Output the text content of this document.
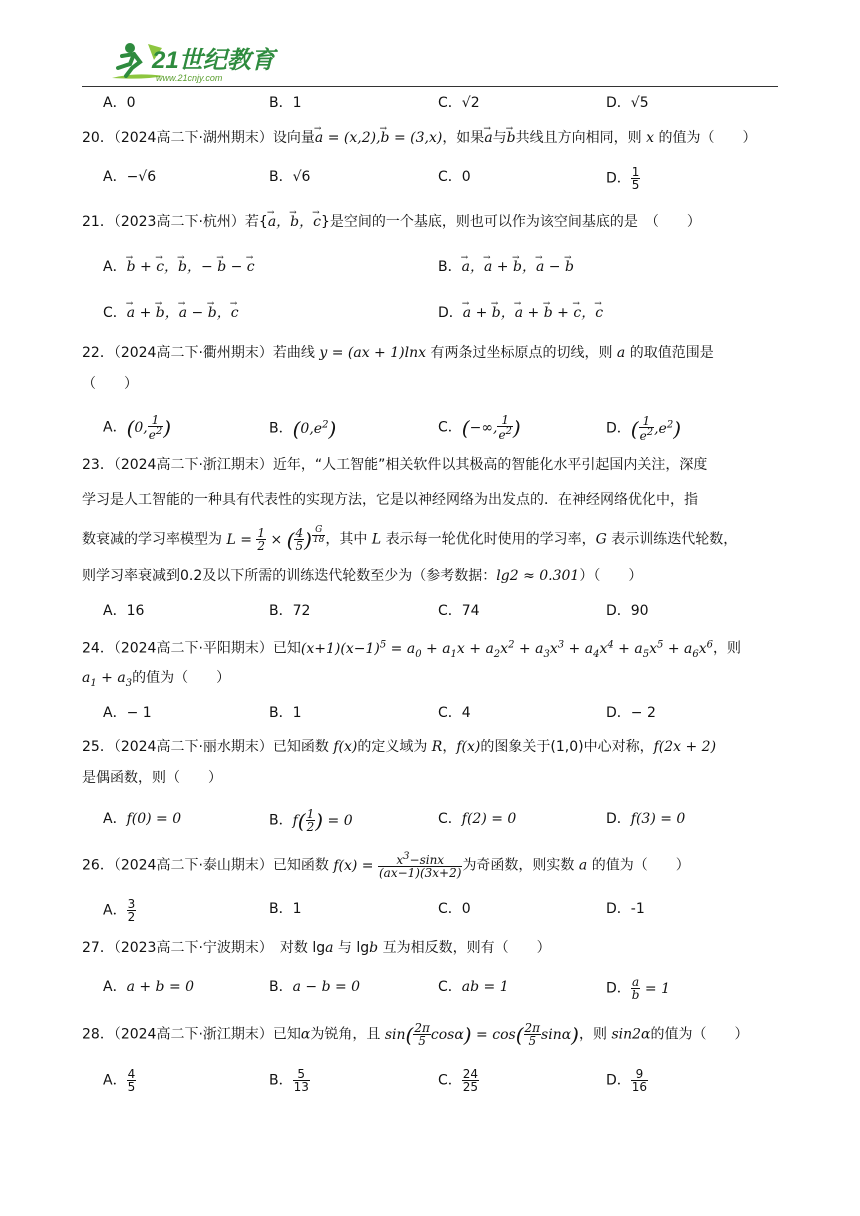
21世纪教育
www.21cnjy.com
A．0	B．1	C．√2	D．√5
20．（2024高二下·湖州期末）设向量a → = (x,2),b → = (3,x)，如果a →与b →共线且方向相同，则 x 的值为（　　）
A．−√6	B．√6	C．0	D． $\frac{1}{5}$
21．（2023高二下·杭州）若{a →，b →，c →}是空间的一个基底，则也可以作为该空间基底的是　（　　）
A．b → + c →，b →，− b → − c →	B．a →，a → + b →，a → − b →
C．a → + b →，a → − b →，c →	D．a → + b →，a → + b → + c →，c →
22．（2024高二下·衢州期末）若曲线 y = (ax + 1)lnx 有两条过坐标原点的切线，则 a 的取值范围是
（　　）
A．(0, $\frac{1}{e^2}$ )	B．$(0,e^2)$	C．(−∞, $\frac{1}{e^2}$ )	D．( $\frac{1}{e^2} ,e^2$)
23．（2024高二下·浙江期末）近年，“人工智能”相关软件以其极高的智能化水平引起国内关注，深度
学习是人工智能的一种具有代表性的实现方法，它是以神经网络为出发点的．在神经网络优化中，指
数衰减的学习率模型为 $L = \frac{1}{2}$ × ( $\frac{4}{5}$ ) $^{\frac{G}{18}}$ ，其中 L 表示每一轮优化时使用的学习率，G 表示训练迭代轮数，
则学习率衰减到0.2及以下所需的训练迭代轮数至少为（参考数据：lg2 ≈ 0.301）（　　）
A．16	B．72	C．74	D．90
24．（2024高二下·平阳期末）已知$(x+1)(x-1)^5 = a_0 + a_1x + a_2x^2 + a_3x^3 + a_4x^4 + a_5x^5 + a_6x^6$，则
$a_1 + a_3$的值为（　　）
A．− 1	B．1	C．4	D．− 2
25．（2024高二下·丽水期末）已知函数 f(x)的定义域为 R，f(x)的图象关于(1,0)中心对称，f(2x + 2)
是偶函数，则（　　）
A．f(0) = 0	B．$f( \frac{1}{2}$ ) = 0	C．f(2) = 0	D．f(3) = 0
26．（2024高二下·泰山期末）已知函数 $f(x) = \frac{x^3-\sin x}{(ax-1)(3x+2)}$ 为奇函数，则实数 a 的值为（　　）
A． $\frac{3}{2}$	B．1	C．0	D．-1
27．（2023高二下·宁波期末）　对数 lga 与 lgb 互为相反数，则有（　　）
A．a + b = 0	B．a − b = 0	C．ab = 1	D． $\frac{a}{b} = 1$
28．（2024高二下·浙江期末）已知α为锐角，且 $\sin( \frac{2\pi}{5} \cos\alpha) = \cos( \frac{2\pi}{5} \sin\alpha)$，则 sin2α的值为（　　）
A． $\frac{4}{5}$	B． $\frac{5}{13}$	C． $\frac{24}{25}$	D． $\frac{9}{16}$
